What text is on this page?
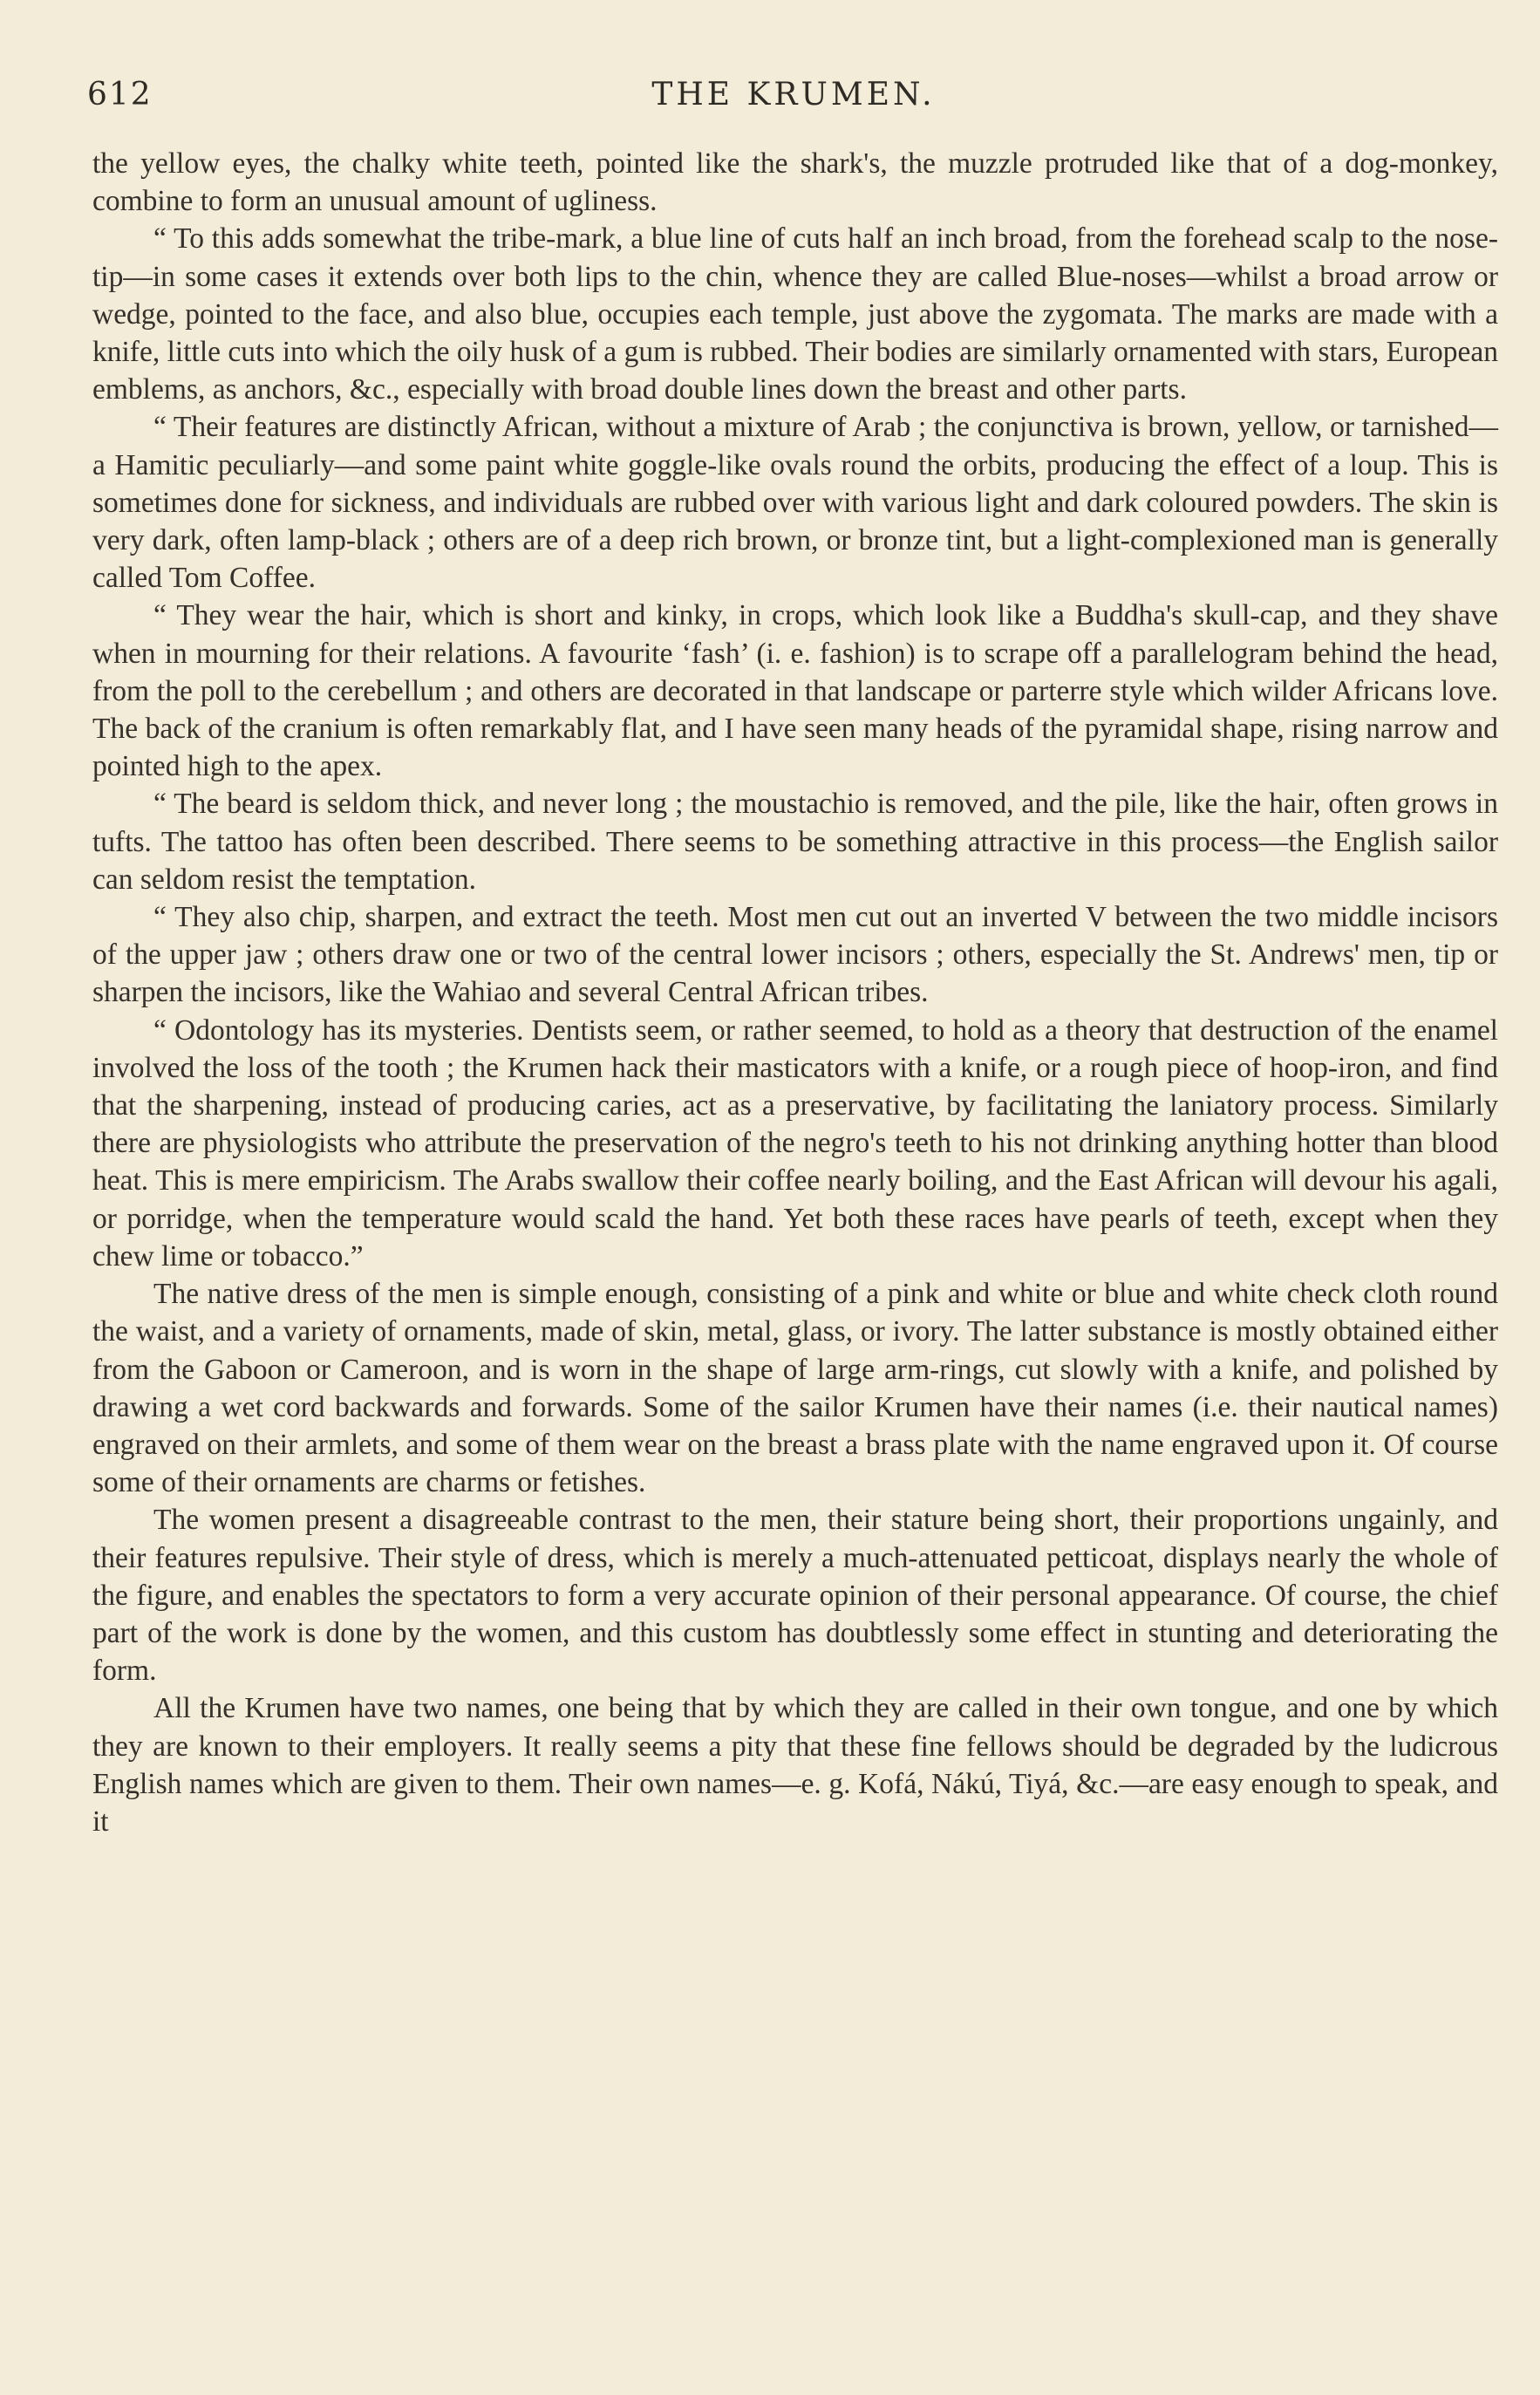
612	THE KRUMEN.

the yellow eyes, the chalky white teeth, pointed like the shark's, the muzzle protruded like that of a dog-monkey, combine to form an unusual amount of ugliness.

“ To this adds somewhat the tribe-mark, a blue line of cuts half an inch broad, from the forehead scalp to the nose-tip—in some cases it extends over both lips to the chin, whence they are called Blue-noses—whilst a broad arrow or wedge, pointed to the face, and also blue, occupies each temple, just above the zygomata. The marks are made with a knife, little cuts into which the oily husk of a gum is rubbed. Their bodies are similarly ornamented with stars, European emblems, as anchors, &c., especially with broad double lines down the breast and other parts.

“ Their features are distinctly African, without a mixture of Arab ; the conjunctiva is brown, yellow, or tarnished—a Hamitic peculiarly—and some paint white goggle-like ovals round the orbits, producing the effect of a loup. This is sometimes done for sickness, and individuals are rubbed over with various light and dark coloured powders. The skin is very dark, often lamp-black ; others are of a deep rich brown, or bronze tint, but a light-complexioned man is generally called Tom Coffee.

“ They wear the hair, which is short and kinky, in crops, which look like a Buddha's skull-cap, and they shave when in mourning for their relations. A favourite ‘fash’ (i. e. fashion) is to scrape off a parallelogram behind the head, from the poll to the cerebellum ; and others are decorated in that landscape or parterre style which wilder Africans love. The back of the cranium is often remarkably flat, and I have seen many heads of the pyramidal shape, rising narrow and pointed high to the apex.

“ The beard is seldom thick, and never long ; the moustachio is removed, and the pile, like the hair, often grows in tufts. The tattoo has often been described. There seems to be something attractive in this process—the English sailor can seldom resist the temptation.

“ They also chip, sharpen, and extract the teeth. Most men cut out an inverted V between the two middle incisors of the upper jaw ; others draw one or two of the central lower incisors ; others, especially the St. Andrews' men, tip or sharpen the incisors, like the Wahiao and several Central African tribes.

“ Odontology has its mysteries. Dentists seem, or rather seemed, to hold as a theory that destruction of the enamel involved the loss of the tooth ; the Krumen hack their masticators with a knife, or a rough piece of hoop-iron, and find that the sharpening, instead of producing caries, act as a preservative, by facilitating the laniatory process. Similarly there are physiologists who attribute the preservation of the negro's teeth to his not drinking anything hotter than blood heat. This is mere empiricism. The Arabs swallow their coffee nearly boiling, and the East African will devour his agali, or porridge, when the temperature would scald the hand. Yet both these races have pearls of teeth, except when they chew lime or tobacco.”

The native dress of the men is simple enough, consisting of a pink and white or blue and white check cloth round the waist, and a variety of ornaments, made of skin, metal, glass, or ivory. The latter substance is mostly obtained either from the Gaboon or Cameroon, and is worn in the shape of large arm-rings, cut slowly with a knife, and polished by drawing a wet cord backwards and forwards. Some of the sailor Krumen have their names (i.e. their nautical names) engraved on their armlets, and some of them wear on the breast a brass plate with the name engraved upon it. Of course some of their ornaments are charms or fetishes.

The women present a disagreeable contrast to the men, their stature being short, their proportions ungainly, and their features repulsive. Their style of dress, which is merely a much-attenuated petticoat, displays nearly the whole of the figure, and enables the spectators to form a very accurate opinion of their personal appearance. Of course, the chief part of the work is done by the women, and this custom has doubtlessly some effect in stunting and deteriorating the form.

All the Krumen have two names, one being that by which they are called in their own tongue, and one by which they are known to their employers. It really seems a pity that these fine fellows should be degraded by the ludicrous English names which are given to them. Their own names—e. g. Kofá, Nákú, Tiyá, &c.—are easy enough to speak, and it
